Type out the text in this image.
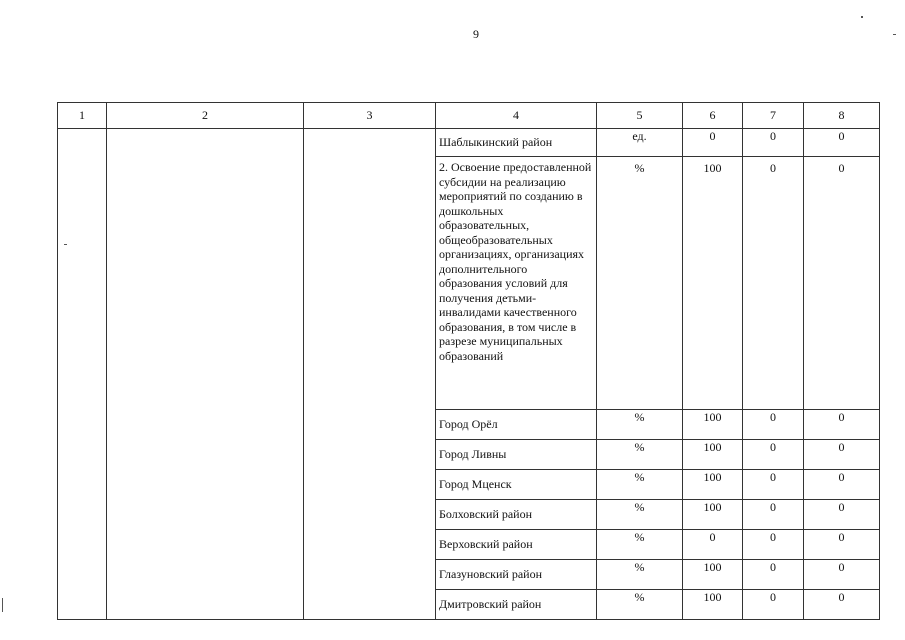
9
1	2	3	4	5	6	7	8
			Шаблыкинский район	ед.	0	0	0
			2. Освоение предоставленной субсидии на реализацию мероприятий по созданию в дошкольных образовательных, общеобразовательных организациях, организациях дополнительного образования условий для получения детьми-инвалидами качественного образования, в том числе в разрезе муниципальных образований	%	100	0	0
			Город Орёл	%	100	0	0
			Город Ливны	%	100	0	0
			Город Мценск	%	100	0	0
			Болховский район	%	100	0	0
			Верховский район	%	0	0	0
			Глазуновский район	%	100	0	0
			Дмитровский район	%	100	0	0
